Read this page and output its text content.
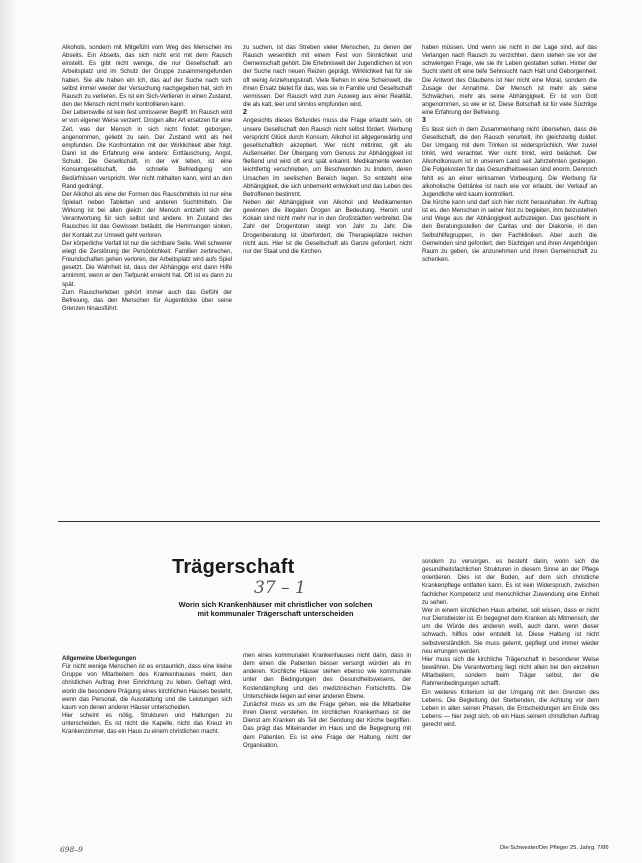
Alkohols, sondern mit Mitgefühl vom Weg des Menschen ins Abseits. Ein Abseits, das sich nicht erst mit dem Rausch einstellt. Es gibt nicht wenige, die nur Gesellschaft am Arbeitsplatz und im Schutz der Gruppe zusammengefunden haben. Sie alle haben ein Ich, das auf der Suche nach sich selbst immer wieder der Versuchung nachgegeben hat, sich im Rausch zu verlieren. Es ist ein Sich-Verlieren in einen Zustand, den der Mensch nicht mehr kontrollieren kann.

Der Lebenswille ist kein fest umrissener Begriff. Im Rausch wird er von eigener Weise verzerrt. Drogen aller Art ersetzen für eine Zeit, was der Mensch in sich nicht findet: geborgen, angenommen, geliebt zu sein. Der Zustand wird als heil empfunden. Die Konfrontation mit der Wirklichkeit aber folgt. Dann ist die Erfahrung eine andere: Enttäuschung, Angst, Schuld. Die Gesellschaft, in der wir leben, ist eine Konsumgesellschaft, die schnelle Befriedigung von Bedürfnissen verspricht. Wer nicht mithalten kann, wird an den Rand gedrängt.

Der Alkohol als eine der Formen des Rauschmittels ist nur eine Spielart neben Tabletten und anderen Suchtmitteln. Die Wirkung ist bei allen gleich: der Mensch entzieht sich der Verantwortung für sich selbst und andere. Im Zustand des Rausches ist das Gewissen betäubt, die Hemmungen sinken, der Kontakt zur Umwelt geht verloren.

Der körperliche Verfall ist nur die sichtbare Seite. Weit schwerer wiegt die Zerstörung der Persönlichkeit. Familien zerbrechen, Freundschaften gehen verloren, der Arbeitsplatz wird aufs Spiel gesetzt. Die Wahrheit ist, dass der Abhängige erst dann Hilfe annimmt, wenn er den Tiefpunkt erreicht hat. Oft ist es dann zu spät.

Zum Rauscherleben gehört immer auch das Gefühl der Befreiung, das den Menschen für Augenblicke über seine Grenzen hinausführt.

zu suchen, ist das Streben vieler Menschen, zu denen der Rausch wesentlich mit einem Fest von Sinnlichkeit und Gemeinschaft gehört. Die Erlebniswelt der Jugendlichen ist von der Suche nach neuen Reizen geprägt. Wirklichkeit hat für sie oft wenig Anziehungskraft. Viele fliehen in eine Scheinwelt, die ihnen Ersatz bietet für das, was sie in Familie und Gesellschaft vermissen. Der Rausch wird zum Ausweg aus einer Realität, die als kalt, leer und sinnlos empfunden wird.

2

Angesichts dieses Befundes muss die Frage erlaubt sein, ob unsere Gesellschaft den Rausch nicht selbst fördert. Werbung verspricht Glück durch Konsum. Alkohol ist allgegenwärtig und gesellschaftlich akzeptiert. Wer nicht mittrinkt, gilt als Außenseiter. Der Übergang vom Genuss zur Abhängigkeit ist fließend und wird oft erst spät erkannt. Medikamente werden leichtfertig verschrieben, um Beschwerden zu lindern, deren Ursachen im seelischen Bereich liegen. So entsteht eine Abhängigkeit, die sich unbemerkt entwickelt und das Leben des Betroffenen bestimmt.

Neben der Abhängigkeit von Alkohol und Medikamenten gewinnen die illegalen Drogen an Bedeutung. Heroin und Kokain sind nicht mehr nur in den Großstädten verbreitet. Die Zahl der Drogentoten steigt von Jahr zu Jahr. Die Drogenberatung ist überfordert, die Therapieplätze reichen nicht aus. Hier ist die Gesellschaft als Ganze gefordert, nicht nur der Staat und die Kirchen.

haben müssen. Und wenn sie nicht in der Lage sind, auf das Verlangen nach Rausch zu verzichten, dann stehen sie vor der schwierigen Frage, wie sie ihr Leben gestalten sollen. Hinter der Sucht steht oft eine tiefe Sehnsucht nach Halt und Geborgenheit. Die Antwort des Glaubens ist hier nicht eine Moral, sondern die Zusage der Annahme. Der Mensch ist mehr als seine Schwächen, mehr als seine Abhängigkeit. Er ist von Gott angenommen, so wie er ist. Diese Botschaft ist für viele Süchtige eine Erfahrung der Befreiung.

3

Es lässt sich in dem Zusammenhang nicht übersehen, dass die Gesellschaft, die den Rausch verurteilt, ihn gleichzeitig duldet. Der Umgang mit dem Trinken ist widersprüchlich. Wer zuviel trinkt, wird verachtet. Wer nicht trinkt, wird belächelt. Der Alkoholkonsum ist in unserem Land seit Jahrzehnten gestiegen. Die Folgekosten für das Gesundheitswesen sind enorm. Dennoch fehlt es an einer wirksamen Vorbeugung. Die Werbung für alkoholische Getränke ist nach wie vor erlaubt, der Verkauf an Jugendliche wird kaum kontrolliert.

Die Kirche kann und darf sich hier nicht heraushalten. Ihr Auftrag ist es, den Menschen in seiner Not zu begleiten, ihm beizustehen und Wege aus der Abhängigkeit aufzuzeigen. Das geschieht in den Beratungsstellen der Caritas und der Diakonie, in den Selbsthilfegruppen, in den Fachkliniken. Aber auch die Gemeinden sind gefordert, den Süchtigen und ihren Angehörigen Raum zu geben, sie anzunehmen und ihnen Gemeinschaft zu schenken.

Trägerschaft
37 – 1
Worin sich Krankenhäuser mit christlicher von solchen mit kommunaler Trägerschaft unterscheiden

Allgemeine Überlegungen

Für nicht wenige Menschen ist es erstaunlich, dass eine kleine Gruppe von Mitarbeitern des Krankenhauses meint, den christlichen Auftrag ihrer Einrichtung zu leben. Gefragt wird, worin die besondere Prägung eines kirchlichen Hauses besteht, wenn das Personal, die Ausstattung und die Leistungen sich kaum von denen anderer Häuser unterscheiden.

Hier scheint es nötig, Strukturen und Haltungen zu unterscheiden. Es ist nicht die Kapelle, nicht das Kreuz im Krankenzimmer, das ein Haus zu einem christlichen macht.

men eines kommunalen Krankenhauses nicht darin, dass in dem einen die Patienten besser versorgt würden als im anderen. Kirchliche Häuser stehen ebenso wie kommunale unter den Bedingungen des Gesundheitswesens, der Kostendämpfung und des medizinischen Fortschritts. Die Unterschiede liegen auf einer anderen Ebene.

Zunächst muss es um die Frage gehen, wie die Mitarbeiter ihren Dienst verstehen. Im kirchlichen Krankenhaus ist der Dienst am Kranken als Teil der Sendung der Kirche begriffen. Das prägt das Miteinander im Haus und die Begegnung mit dem Patienten. Es ist eine Frage der Haltung, nicht der Organisation.

sondern zu versorgen, es besteht darin, worin sich die gesundheitsfachlichen Strukturen in diesem Sinne an der Pflege orientieren. Dies ist der Boden, auf dem sich christliche Krankenpflege entfalten kann. Es ist kein Widerspruch, zwischen fachlicher Kompetenz und menschlicher Zuwendung eine Einheit zu sehen.

Wer in einem kirchlichen Haus arbeitet, soll wissen, dass er nicht nur Dienstleister ist. Er begegnet dem Kranken als Mitmensch, der um die Würde des anderen weiß, auch dann, wenn dieser schwach, hilflos oder entstellt ist. Diese Haltung ist nicht selbstverständlich. Sie muss gelernt, gepflegt und immer wieder neu errungen werden.

Hier muss sich die kirchliche Trägerschaft in besonderer Weise bewähren. Die Verantwortung liegt nicht allein bei den einzelnen Mitarbeitern, sondern beim Träger selbst, der die Rahmenbedingungen schafft.

Ein weiteres Kriterium ist der Umgang mit den Grenzen des Lebens. Die Begleitung der Sterbenden, die Achtung vor dem Leben in allen seinen Phasen, die Entscheidungen am Ende des Lebens — hier zeigt sich, ob ein Haus seinem christlichen Auftrag gerecht wird.

698–9	Die Schwester/Der Pfleger 25. Jahrg. 7/86
